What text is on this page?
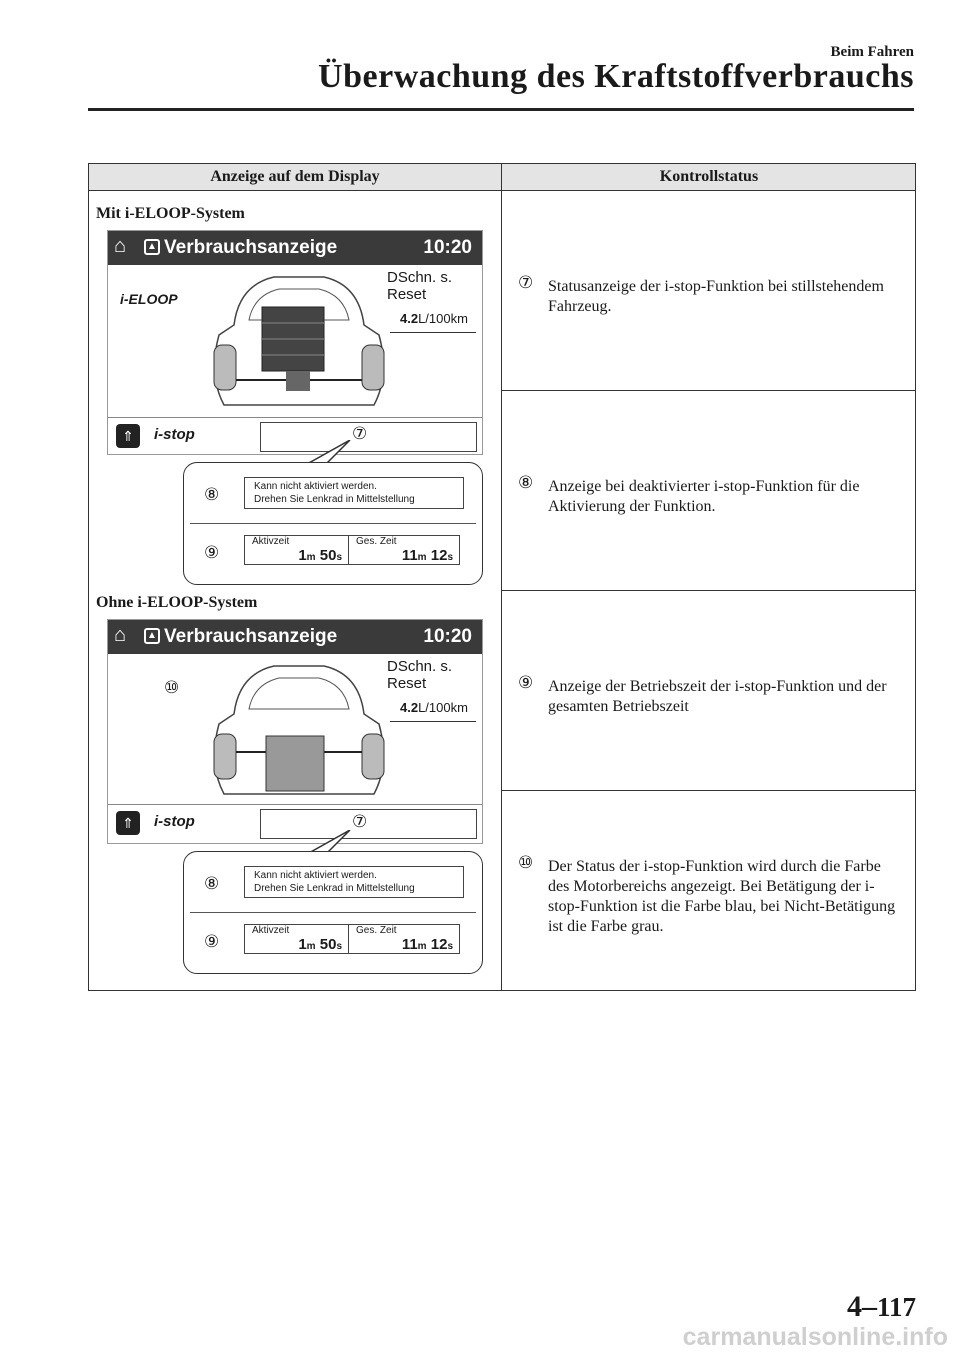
Beim Fahren
Überwachung des Kraftstoffverbrauchs
Anzeige auf dem Display	Kontrollstatus
Mit i-ELOOP-System
Ohne i-ELOOP-System
⑦ Statusanzeige der i-stop-Funktion bei stillstehendem Fahrzeug.
⑧ Anzeige bei deaktivierter i-stop-Funktion für die Aktivierung der Funktion.
⑨ Anzeige der Betriebszeit der i-stop-Funktion und der gesamten Betriebszeit
⑩ Der Status der i-stop-Funktion wird durch die Farbe des Motorbereichs angezeigt. Bei Betätigung der i-stop-Funktion ist die Farbe blau, bei Nicht-Betätigung ist die Farbe grau.
⌂	▲ Verbrauchsanzeige	10:20
i-ELOOP
DSchn. s.
Reset
4.2L/100km
⇑	i-stop	⑦
⑧	Kann nicht aktiviert werden.
Drehen Sie Lenkrad in Mittelstellung
⑨
Aktivzeit
1m 50s
Ges. Zeit
11m 12s
⌂	▲ Verbrauchsanzeige	10:20
⑩
DSchn. s.
Reset
4.2L/100km
⇑	i-stop	⑦
⑧	Kann nicht aktiviert werden.
Drehen Sie Lenkrad in Mittelstellung
⑨
Aktivzeit
1m 50s
Ges. Zeit
11m 12s
4–117
carmanualsonline.info
